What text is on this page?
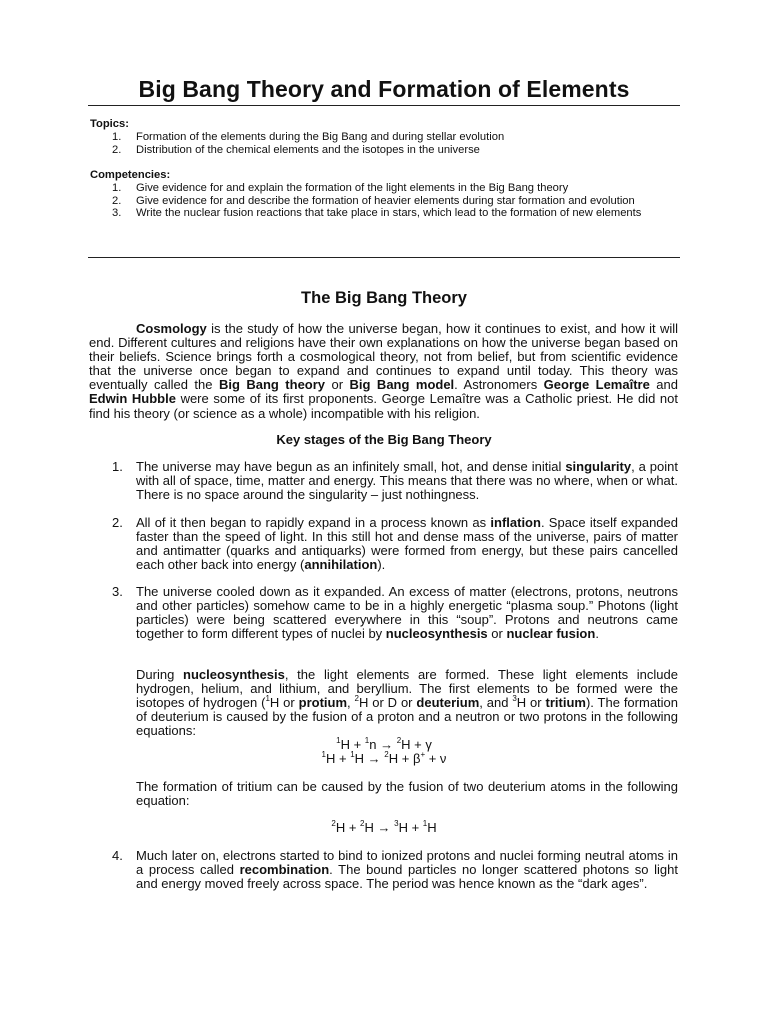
Big Bang Theory and Formation of Elements
Topics:
1. Formation of the elements during the Big Bang and during stellar evolution
2. Distribution of the chemical elements and the isotopes in the universe
Competencies:
1. Give evidence for and explain the formation of the light elements in the Big Bang theory
2. Give evidence for and describe the formation of heavier elements during star formation and evolution
3. Write the nuclear fusion reactions that take place in stars, which lead to the formation of new elements
The Big Bang Theory

Cosmology is the study of how the universe began, how it continues to exist, and how it will end. Different cultures and religions have their own explanations on how the universe began based on their beliefs. Science brings forth a cosmological theory, not from belief, but from scientific evidence that the universe once began to expand and continues to expand until today. This theory was eventually called the Big Bang theory or Big Bang model. Astronomers George Lemaître and Edwin Hubble were some of its first proponents. George Lemaître was a Catholic priest. He did not find his theory (or science as a whole) incompatible with his religion.

Key stages of the Big Bang Theory
1. The universe may have begun as an infinitely small, hot, and dense initial singularity, a point with all of space, time, matter and energy. This means that there was no where, when or what. There is no space around the singularity – just nothingness.

2. All of it then began to rapidly expand in a process known as inflation. Space itself expanded faster than the speed of light. In this still hot and dense mass of the universe, pairs of matter and antimatter (quarks and antiquarks) were formed from energy, but these pairs cancelled each other back into energy (annihilation).

3. The universe cooled down as it expanded. An excess of matter (electrons, protons, neutrons and other particles) somehow came to be in a highly energetic “plasma soup.” Photons (light particles) were being scattered everywhere in this “soup”. Protons and neutrons came together to form different types of nuclei by nucleosynthesis or nuclear fusion.

During nucleosynthesis, the light elements are formed. These light elements include hydrogen, helium, and lithium, and beryllium. The first elements to be formed were the isotopes of hydrogen ($^1$H or protium, $^2$H or D or deuterium, and $^3$H or tritium). The formation of deuterium is caused by the fusion of a proton and a neutron or two protons in the following equations:

$^1$H + $^1$n → $^2$H + γ
$^1$H + $^1$H → $^2$H + β+ + ν

The formation of tritium can be caused by the fusion of two deuterium atoms in the following equation:

$^2$H + $^2$H → $^3$H + $^1$H
4. Much later on, electrons started to bind to ionized protons and nuclei forming neutral atoms in a process called recombination. The bound particles no longer scattered photons so light and energy moved freely across space. The period was hence known as the “dark ages”.
